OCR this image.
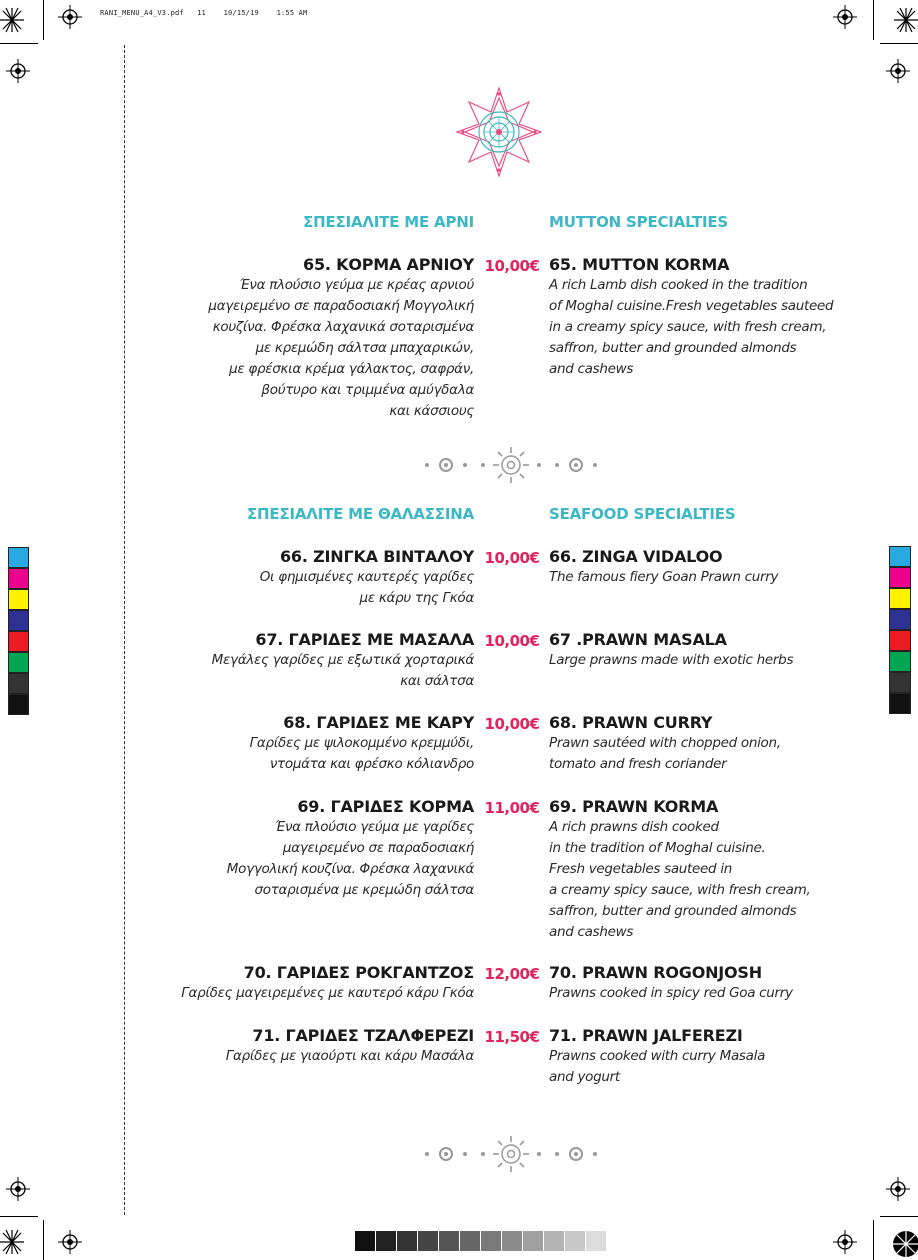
RANI_MENU_A4_V3.pdf   11    10/15/19    1:55 AM
ΣΠΕΣΙΑΛΙΤΕ ΜΕ ΑΡΝΙ	MUTTON SPECIALTIES
65. ΚΟΡΜΑ ΑΡΝΙΟΥ
Ένα πλούσιο γεύμα με κρέας αρνιού
μαγειρεμένο σε παραδοσιακή Μογγολική
κουζίνα. Φρέσκα λαχανικά σοταρισμένα
με κρεμώδη σάλτσα μπαχαρικών,
με φρέσκια κρέμα γάλακτος, σαφράν,
βούτυρο και τριμμένα αμύγδαλα
και κάσσιους
10,00€ 65. MUTTON KORMA
A rich Lamb dish cooked in the tradition
of Moghal cuisine.Fresh vegetables sauteed
in a creamy spicy sauce, with fresh cream,
saffron, butter and grounded almonds
and cashews
ΣΠΕΣΙΑΛΙΤΕ ΜΕ ΘΑΛΑΣΣΙΝΑ	SEAFOOD SPECIALTIES
66. ΖΙΝΓΚΑ ΒΙΝΤΑΛΟΥ
Οι φημισμένες καυτερές γαρίδες
με κάρυ της Γκόα
10,00€ 66. ZINGA VIDALOO
The famous fiery Goan Prawn curry
67. ΓΑΡΙΔΕΣ ΜΕ ΜΑΣΑΛΑ
Μεγάλες γαρίδες με εξωτικά χορταρικά
και σάλτσα
10,00€ 67 .PRAWN MASALA
Large prawns made with exotic herbs
68. ΓΑΡΙΔΕΣ ΜΕ ΚΑΡΥ
Γαρίδες με ψιλοκομμένο κρεμμύδι,
ντομάτα και φρέσκο κόλιανδρο
10,00€ 68. PRAWN CURRY
Prawn sautéed with chopped onion,
tomato and fresh coriander
69. ΓΑΡΙΔΕΣ ΚΟΡΜΑ
Ένα πλούσιο γεύμα με γαρίδες
μαγειρεμένο σε παραδοσιακή
Μογγολική κουζίνα. Φρέσκα λαχανικά
σοταρισμένα με κρεμώδη σάλτσα
11,00€ 69. PRAWN KORMA
A rich prawns dish cooked
in the tradition of Moghal cuisine.
Fresh vegetables sauteed in
a creamy spicy sauce, with fresh cream,
saffron, butter and grounded almonds
and cashews
70. ΓΑΡΙΔΕΣ ΡΟΚΓΑΝΤΖΟΣ
Γαρίδες μαγειρεμένες με καυτερό κάρυ Γκόα
12,00€ 70. PRAWN ROGONJOSH
Prawns cooked in spicy red Goa curry
71. ΓΑΡΙΔΕΣ ΤΖΑΛΦΕΡΕΖΙ
Γαρίδες με γιαούρτι και κάρυ Μασάλα
11,50€ 71. PRAWN JALFEREZI
Prawns cooked with curry Masala
and yogurt
